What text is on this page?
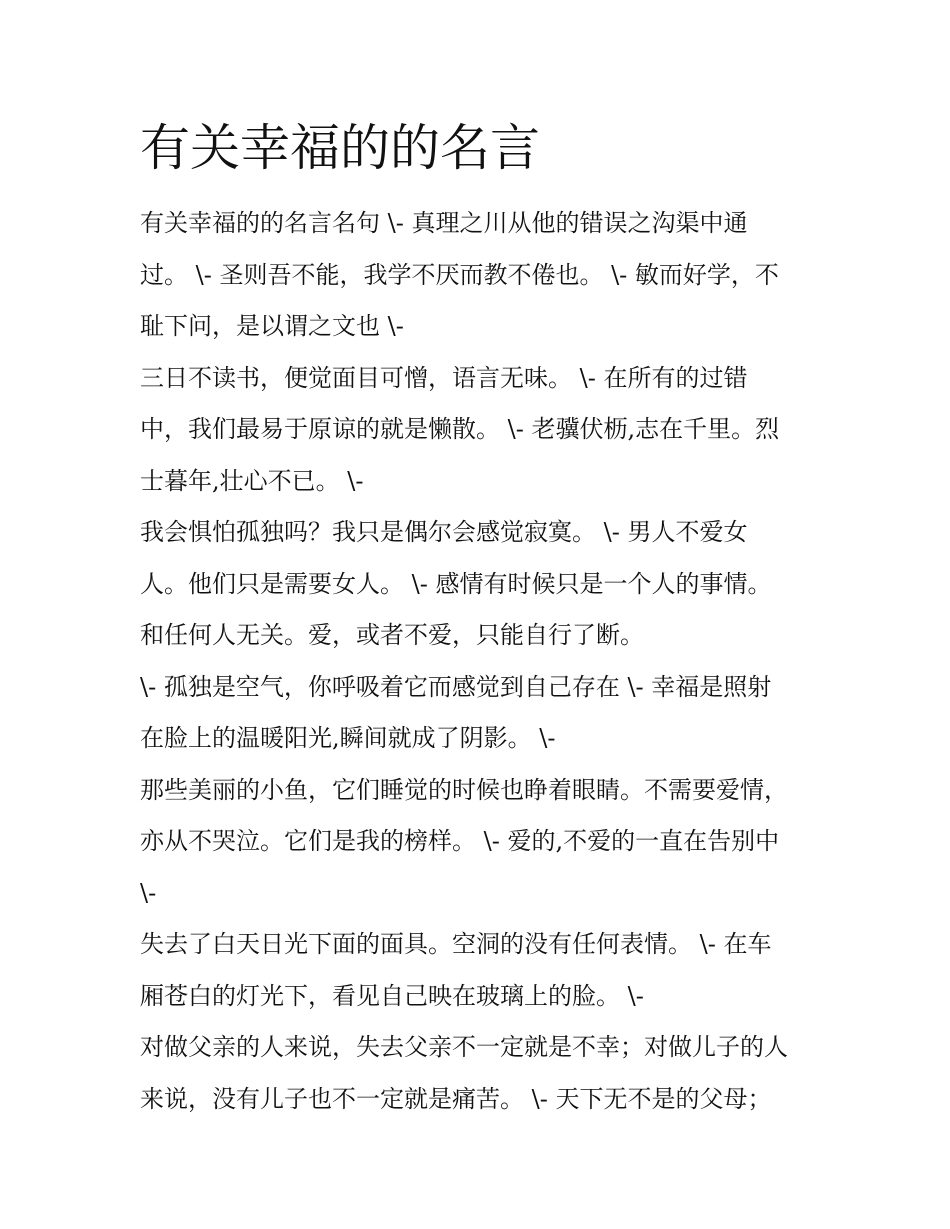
有关幸福的的名言
有关幸福的的名言名句 \- 真理之川从他的错误之沟渠中通
过。 \- 圣则吾不能，我学不厌而教不倦也。 \- 敏而好学，不
耻下问，是以谓之文也 \-
三日不读书，便觉面目可憎，语言无味。 \- 在所有的过错
中，我们最易于原谅的就是懒散。 \- 老骥伏枥,志在千里。烈
士暮年,壮心不已。 \-
我会惧怕孤独吗？我只是偶尔会感觉寂寞。 \- 男人不爱女
人。他们只是需要女人。 \- 感情有时候只是一个人的事情。
和任何人无关。爱，或者不爱，只能自行了断。
\- 孤独是空气，你呼吸着它而感觉到自己存在 \- 幸福是照射
在脸上的温暖阳光,瞬间就成了阴影。 \-
那些美丽的小鱼，它们睡觉的时候也睁着眼睛。不需要爱情，
亦从不哭泣。它们是我的榜样。 \- 爱的,不爱的一直在告别中
\-
失去了白天日光下面的面具。空洞的没有任何表情。 \- 在车
厢苍白的灯光下，看见自己映在玻璃上的脸。 \-
对做父亲的人来说，失去父亲不一定就是不幸；对做儿子的人
来说，没有儿子也不一定就是痛苦。 \- 天下无不是的父母；
